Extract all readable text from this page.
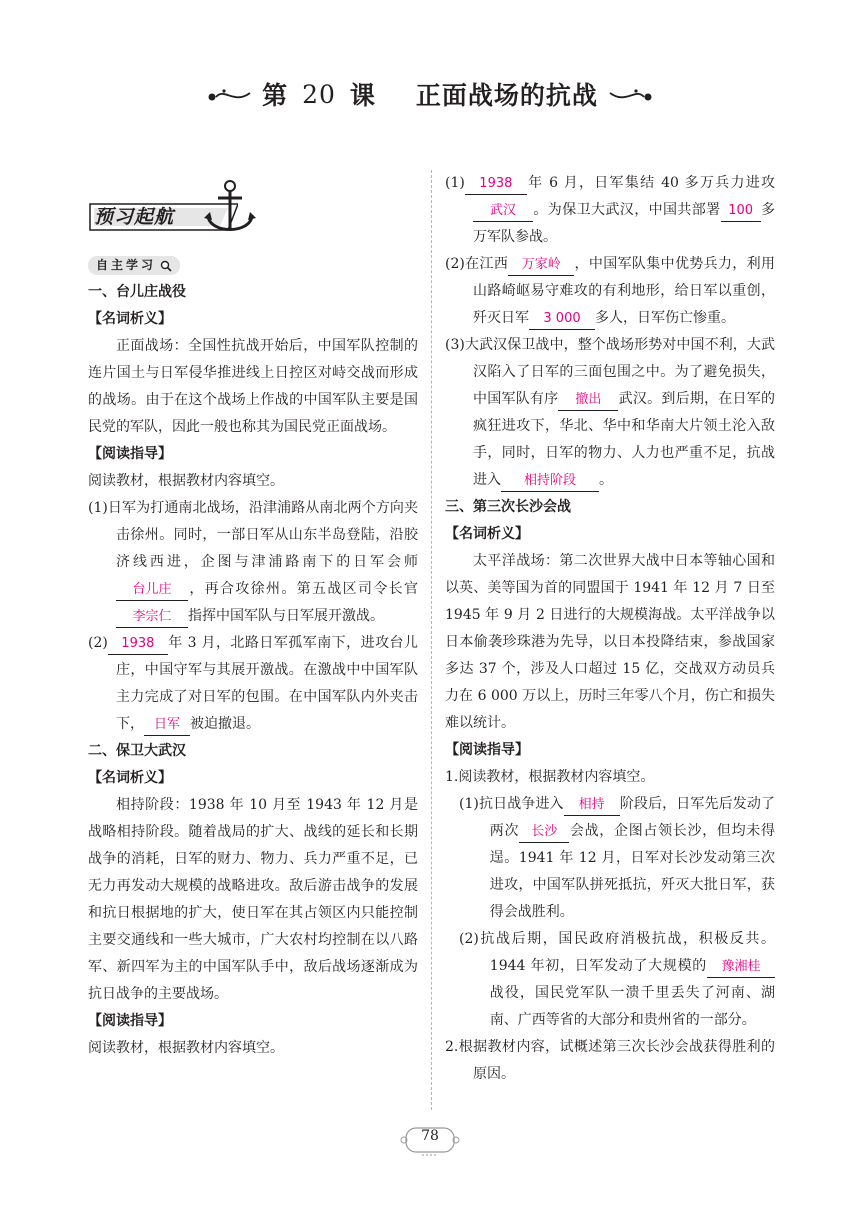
第 20 课 正面战场的抗战
预习起航
自主学习
一、台儿庄战役
【名词析义】

正面战场：全国性抗战开始后，中国军队控制的连片国土与日军侵华推进线上日控区对峙交战而形成的战场。由于在这个战场上作战的中国军队主要是国民党的军队，因此一般也称其为国民党正面战场。

【阅读指导】

阅读教材，根据教材内容填空。

(1)日军为打通南北战场，沿津浦路从南北两个方向夹击徐州。同时，一部日军从山东半岛登陆，沿胶济线西进，企图与津浦路南下的日军会师台儿庄 ，再合攻徐州。第五战区司令长官李宗仁 指挥中国军队与日军展开激战。

(2) 1938 年 3 月，北路日军孤军南下，进攻台儿庄，中国守军与其展开激战。在激战中中国军队主力完成了对日军的包围。在中国军队内外夹击下， 日军 被迫撤退。

二、保卫大武汉
【名词析义】

相持阶段：1938 年 10 月至 1943 年 12 月是战略相持阶段。随着战局的扩大、战线的延长和长期战争的消耗，日军的财力、物力、兵力严重不足，已无力再发动大规模的战略进攻。敌后游击战争的发展和抗日根据地的扩大，使日军在其占领区内只能控制主要交通线和一些大城市，广大农村均控制在以八路军、新四军为主的中国军队手中，敌后战场逐渐成为抗日战争的主要战场。

【阅读指导】

阅读教材，根据教材内容填空。

(1) 1938 年 6 月，日军集结 40 多万兵力进攻武汉 。为保卫大武汉，中国共部署 100 多万军队参战。

(2)在江西 万家岭 ，中国军队集中优势兵力，利用山路崎岖易守难攻的有利地形，给日军以重创，歼灭日军 3 000 多人，日军伤亡惨重。

(3)大武汉保卫战中，整个战场形势对中国不利，大武汉陷入了日军的三面包围之中。为了避免损失，中国军队有序 撤出 武汉。到后期，在日军的疯狂进攻下，华北、华中和华南大片领土沦入敌手，同时，日军的物力、人力也严重不足，抗战进入 相持阶段 。

三、第三次长沙会战
【名词析义】

太平洋战场：第二次世界大战中日本等轴心国和以英、美等国为首的同盟国于 1941 年 12 月 7 日至 1945 年 9 月 2 日进行的大规模海战。太平洋战争以日本偷袭珍珠港为先导，以日本投降结束，参战国家多达 37 个，涉及人口超过 15 亿，交战双方动员兵力在 6 000 万以上，历时三年零八个月，伤亡和损失难以统计。

【阅读指导】

1.阅读教材，根据教材内容填空。

(1)抗日战争进入 相持 阶段后，日军先后发动了两次 长沙 会战，企图占领长沙，但均未得逞。1941 年 12 月，日军对长沙发动第三次进攻，中国军队拼死抵抗，歼灭大批日军，获得会战胜利。

(2)抗战后期，国民政府消极抗战，积极反共。1944 年初，日军发动了大规模的 豫湘桂战役，国民党军队一溃千里丢失了河南、湖南、广西等省的大部分和贵州省的一部分。

2.根据教材内容，试概述第三次长沙会战获得胜利的原因。

78
